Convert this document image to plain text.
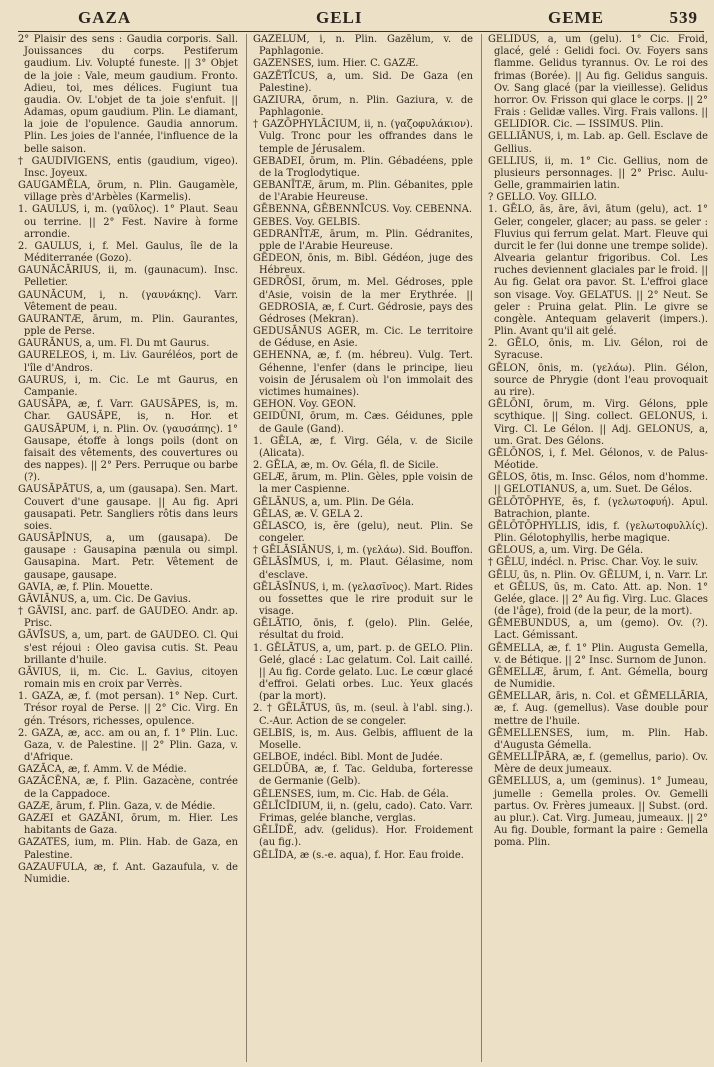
GAZA	GELI	GEME	539

2° Plaisir des sens : Gaudia corporis. Sall. Jouissances du corps. Pestiferum gaudium. Liv. Volupté funeste. || 3° Objet de la joie : Vale, meum gaudium. Fronto. Adieu, toi, mes délices. Fugiunt tua gaudia. Ov. L'objet de ta joie s'enfuit. || Adamas, opum gaudium. Plin. Le diamant, la joie de l'opulence. Gaudia annorum. Plin. Les joies de l'année, l'influence de la belle saison.

† GAUDIVIGENS, entis (gaudium, vigeo). Insc. Joyeux.

GAUGAMĒLA, ōrum, n. Plin. Gaugamèle, village près d'Arbèles (Karmelis).

1. GAULUS, i, m. (γαῦλος). 1° Plaut. Seau ou terrine. || 2° Fest. Navire à forme arrondie.

2. GAULUS, i, f. Mel. Gaulus, île de la Méditerranée (Gozo).

GAUNĀCĀRIUS, ii, m. (gaunacum). Insc. Pelletier.

GAUNĀCUM, i, n. (γαυνάκης). Varr. Vêtement de peau.

GAURANTÆ, ārum, m. Plin. Gaurantes, pple de Perse.

GAURĀNUS, a, um. Fl. Du mt Gaurus.

GAURELEOS, i, m. Liv. Gauréléos, port de l'île d'Andros.

GAURUS, i, m. Cic. Le mt Gaurus, en Campanie.

GAUSĀPA, æ, f. Varr. GAUSĀPES, is, m. Char. GAUSĀPE, is, n. Hor. et GAUSĀPUM, i, n. Plin. Ov. (γαυσάπης). 1° Gausape, étoffe à longs poils (dont on faisait des vêtements, des couvertures ou des nappes). || 2° Pers. Perruque ou barbe (?).

GAUSĀPĀTUS, a, um (gausapa). Sen. Mart. Couvert d'une gausape. || Au fig. Apri gausapati. Petr. Sangliers rôtis dans leurs soies.

GAUSĀPĪNUS, a, um (gausapa). De gausape : Gausapina pænula ou simpl. Gausapina. Mart. Petr. Vêtement de gausape, gausape.

GAVIA, æ, f. Plin. Mouette.

GĀVIĀNUS, a, um. Cic. De Gavius.

† GĀVISI, anc. parf. de GAUDEO. Andr. ap. Prisc.

GĀVĪSUS, a, um, part. de GAUDEO. Cl. Qui s'est réjoui : Oleo gavisa cutis. St. Peau brillante d'huile.

GĀVIUS, ii, m. Cic. L. Gavius, citoyen romain mis en croix par Verrès.

1. GAZA, æ, f. (mot persan). 1° Nep. Curt. Trésor royal de Perse. || 2° Cic. Virg. En gén. Trésors, richesses, opulence.

2. GAZA, æ, acc. am ou an, f. 1° Plin. Luc. Gaza, v. de Palestine. || 2° Plin. Gaza, v. d'Afrique.

GAZĀCA, æ, f. Amm. V. de Médie.

GAZĀCĒNA, æ, f. Plin. Gazacène, contrée de la Cappadoce.

GAZÆ, ārum, f. Plin. Gaza, v. de Médie.

GAZÆI et GAZĀNI, ōrum, m. Hier. Les habitants de Gaza.

GAZATES, ium, m. Plin. Hab. de Gaza, en Palestine.

GAZAUFULA, æ, f. Ant. Gazaufula, v. de Numidie.

GAZĒLUM, i, n. Plin. Gazēlum, v. de Paphlagonie.

GAZENSES, ium. Hier. C. GAZÆ.

GAZĒTĪCUS, a, um. Sid. De Gaza (en Palestine).

GAZIURA, ōrum, n. Plin. Gaziura, v. de Paphlagonie.

† GAZŌPHYLĀCIUM, ii, n. (γαζοφυλάκιον). Vulg. Tronc pour les offrandes dans le temple de Jérusalem.

GEBADEI, ōrum, m. Plin. Gébadéens, pple de la Troglodytique.

GEBANĪTÆ, ārum, m. Plin. Gébanites, pple de l'Arabie Heureuse.

GĒBENNA, GĒBENNĪCUS. Voy. CEBENNA.

GEBES. Voy. GELBIS.

GEDRANĪTÆ, ārum, m. Plin. Gédranites, pple de l'Arabie Heureuse.

GĒDEON, ōnis, m. Bibl. Gédéon, juge des Hébreux.

GEDRŌSI, ōrum, m. Mel. Gédroses, pple d'Asie, voisin de la mer Erythrée. || GEDROSIA, æ, f. Curt. Gédrosie, pays des Gédroses (Mekran).

GEDUSĀNUS AGER, m. Cic. Le territoire de Géduse, en Asie.

GEHENNA, æ, f. (m. hébreu). Vulg. Tert. Géhenne, l'enfer (dans le principe, lieu voisin de Jérusalem où l'on immolait des victimes humaines).

GEHON. Voy. GEON.

GEIDŪNI, ōrum, m. Cæs. Géidunes, pple de Gaule (Gand).

1. GĒLA, æ, f. Virg. Géla, v. de Sicile (Alicata).

2. GĒLA, æ, m. Ov. Géla, fl. de Sicile.

GELÆ, ārum, m. Plin. Gèles, pple voisin de la mer Caspienne.

GĒLĀNUS, a, um. Plin. De Géla.

GĒLAS, æ. V. GELA 2.

GĒLASCO, is, ĕre (gelu), neut. Plin. Se congeler.

† GĒLĀSIĀNUS, i, m. (γελάω). Sid. Bouffon.

GĒLĀSĪMUS, i, m. Plaut. Gélasime, nom d'esclave.

GĒLĀSĪNUS, i, m. (γελασῖνος). Mart. Rides ou fossettes que le rire produit sur le visage.

GĒLĀTIO, ōnis, f. (gelo). Plin. Gelée, résultat du froid.

1. GĒLĀTUS, a, um, part. p. de GELO. Plin. Gelé, glacé : Lac gelatum. Col. Lait caillé. || Au fig. Corde gelato. Luc. Le cœur glacé d'effroi. Gelati orbes. Luc. Yeux glacés (par la mort).

2. † GĒLĀTUS, ūs, m. (seul. à l'abl. sing.). C.-Aur. Action de se congeler.

GELBIS, is, m. Aus. Gelbis, affluent de la Moselle.

GELBOE, indécl. Bibl. Mont de Judée.

GELDŪBA, æ, f. Tac. Gelduba, forteresse de Germanie (Gelb).

GĒLENSES, ium, m. Cic. Hab. de Géla.

GĒLĪCĪDIUM, ii, n. (gelu, cado). Cato. Varr. Frimas, gelée blanche, verglas.

GĒLĪDĒ, adv. (gelidus). Hor. Froidement (au fig.).

GĒLĪDA, æ (s.-e. aqua), f. Hor. Eau froide.

GĒLĪDUS, a, um (gelu). 1° Cic. Froid, glacé, gelé : Gelidi foci. Ov. Foyers sans flamme. Gelidus tyrannus. Ov. Le roi des frimas (Borée). || Au fig. Gelidus sanguis. Ov. Sang glacé (par la vieillesse). Gelidus horror. Ov. Frisson qui glace le corps. || 2° Frais : Gelidæ valles. Virg. Frais vallons. || GELIDIOR. Cic. — ISSIMUS. Plin.

GELLIĀNUS, i, m. Lab. ap. Gell. Esclave de Gellius.

GELLIUS, ii, m. 1° Cic. Gellius, nom de plusieurs personnages. || 2° Prisc. Aulu-Gelle, grammairien latin.

? GELLO. Voy. GILLO.

1. GĒLO, ās, āre, āvi, ātum (gelu), act. 1° Geler, congeler, glacer; au pass. se geler : Fluvius qui ferrum gelat. Mart. Fleuve qui durcit le fer (lui donne une trempe solide). Alvearia gelantur frigoribus. Col. Les ruches deviennent glaciales par le froid. || Au fig. Gelat ora pavor. St. L'effroi glace son visage. Voy. GELATUS. || 2° Neut. Se geler : Pruina gelat. Plin. Le givre se congèle. Antequam gelaverit (impers.). Plin. Avant qu'il ait gelé.

2. GĒLO, ōnis, m. Liv. Gélon, roi de Syracuse.

GĒLON, ōnis, m. (γελάω). Plin. Gélon, source de Phrygie (dont l'eau provoquait au rire).

GĒLŌNI, ōrum, m. Virg. Gélons, pple scythique. || Sing. collect. GELONUS, i. Virg. Cl. Le Gélon. || Adj. GELONUS, a, um. Grat. Des Gélons.

GĒLŌNOS, i, f. Mel. Gélonos, v. de Palus-Méotide.

GĒLOS, ōtis, m. Insc. Gélos, nom d'homme. || GELOTIANUS, a, um. Suet. De Gélos.

GĒLŌTŌPHYE, ēs, f. (γελωτοφυή). Apul. Batrachion, plante.

GĒLŌTŌPHYLLIS, idis, f. (γελωτοφυλλίς). Plin. Gélotophyllis, herbe magique.

GĒLOUS, a, um. Virg. De Géla.

† GĒLU, indécl. n. Prisc. Char. Voy. le suiv.

GĒLU, ūs, n. Plin. Ov. GĒLUM, i, n. Varr. Lr. et GĒLUS, ūs, m. Cato. Att. ap. Non. 1° Gelée, glace. || 2° Au fig. Virg. Luc. Glaces (de l'âge), froid (de la peur, de la mort).

GĒMEBUNDUS, a, um (gemo). Ov. (?). Lact. Gémissant.

GĒMELLA, æ, f. 1° Plin. Augusta Gemella, v. de Bétique. || 2° Insc. Surnom de Junon.

GĒMELLÆ, ārum, f. Ant. Gémella, bourg de Numidie.

GĒMELLAR, āris, n. Col. et GĒMELLĀRIA, æ, f. Aug. (gemellus). Vase double pour mettre de l'huile.

GĒMELLENSES, ium, m. Plin. Hab. d'Augusta Gémella.

GĒMELLĪPĀRA, æ, f. (gemellus, pario). Ov. Mère de deux jumeaux.

GĒMELLUS, a, um (geminus). 1° Jumeau, jumelle : Gemella proles. Ov. Gemelli partus. Ov. Frères jumeaux. || Subst. (ord. au plur.). Cat. Virg. Jumeau, jumeaux. || 2° Au fig. Double, formant la paire : Gemella poma. Plin.
